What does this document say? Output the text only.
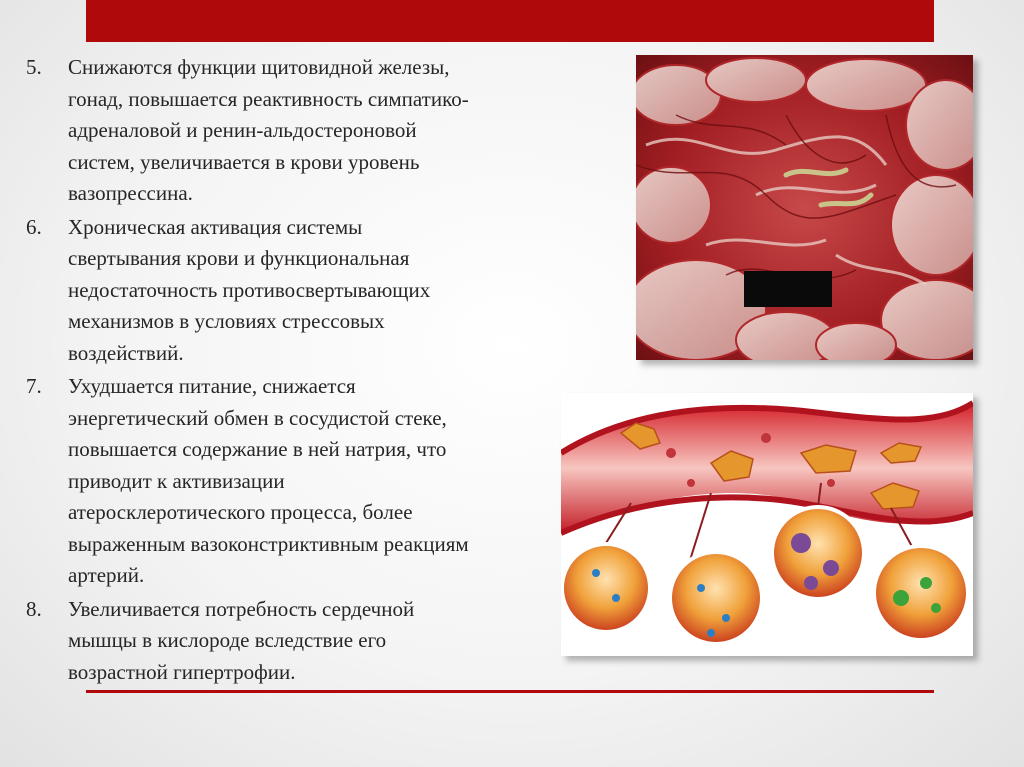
5.	Снижаются функции щитовидной железы,
гонад, повышается реактивность симпатико-
адреналовой и ренин-альдостероновой
систем, увеличивается в крови уровень
вазопрессина.
6.	Хроническая активация системы
свертывания крови и функциональная
недостаточность противосвертывающих
механизмов в условиях стрессовых
воздействий.
7.	Ухудшается питание, снижается
энергетический обмен в сосудистой стеке,
повышается содержание в ней натрия, что
приводит к активизации
атеросклеротического процесса, более
выраженным вазоконстриктивным реакциям
артерий.
8.	Увеличивается потребность сердечной
мышцы в кислороде вследствие его
возрастной гипертрофии.
